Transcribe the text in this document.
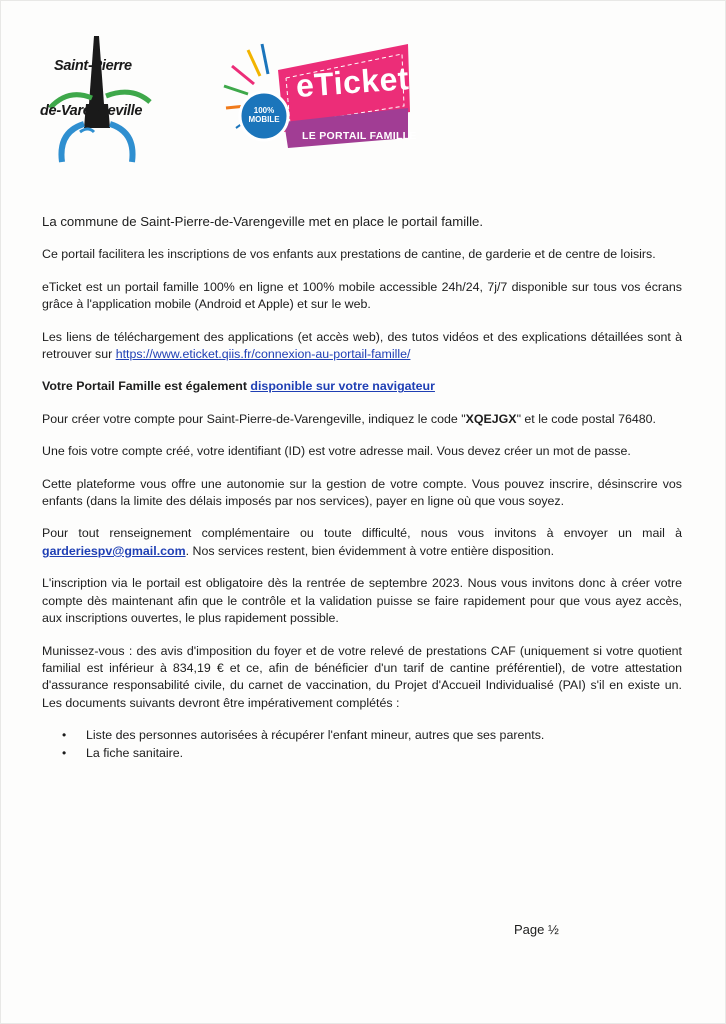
Saint-Pierre
de-Varengeville
eTicket
100%
MOBILE
LE PORTAIL FAMILLE

La commune de Saint-Pierre-de-Varengeville met en place le portail famille.

Ce portail facilitera les inscriptions de vos enfants aux prestations de cantine, de garderie et de centre de loisirs.

eTicket est un portail famille 100% en ligne et 100% mobile accessible 24h/24, 7j/7 disponible sur tous vos écrans grâce à l'application mobile (Android et Apple) et sur le web.

Les liens de téléchargement des applications (et accès web), des tutos vidéos et des explications détaillées sont à retrouver sur https://www.eticket.qiis.fr/connexion-au-portail-famille/

Votre Portail Famille est également disponible sur votre navigateur

Pour créer votre compte pour Saint-Pierre-de-Varengeville, indiquez le code "XQEJGX" et le code postal 76480.

Une fois votre compte créé, votre identifiant (ID) est votre adresse mail. Vous devez créer un mot de passe.

Cette plateforme vous offre une autonomie sur la gestion de votre compte. Vous pouvez inscrire, désinscrire vos enfants (dans la limite des délais imposés par nos services), payer en ligne où que vous soyez.

Pour tout renseignement complémentaire ou toute difficulté, nous vous invitons à envoyer un mail à garderiespv@gmail.com. Nos services restent, bien évidemment à votre entière disposition.

L'inscription via le portail est obligatoire dès la rentrée de septembre 2023. Nous vous invitons donc à créer votre compte dès maintenant afin que le contrôle et la validation puisse se faire rapidement pour que vous ayez accès, aux inscriptions ouvertes, le plus rapidement possible.

Munissez-vous : des avis d'imposition du foyer et de votre relevé de prestations CAF (uniquement si votre quotient familial est inférieur à 834,19 € et ce, afin de bénéficier d'un tarif de cantine préférentiel), de votre attestation d'assurance responsabilité civile, du carnet de vaccination, du Projet d'Accueil Individualisé (PAI) s'il en existe un. Les documents suivants devront être impérativement complétés :

• Liste des personnes autorisées à récupérer l'enfant mineur, autres que ses parents.
• La fiche sanitaire.
Page ½
